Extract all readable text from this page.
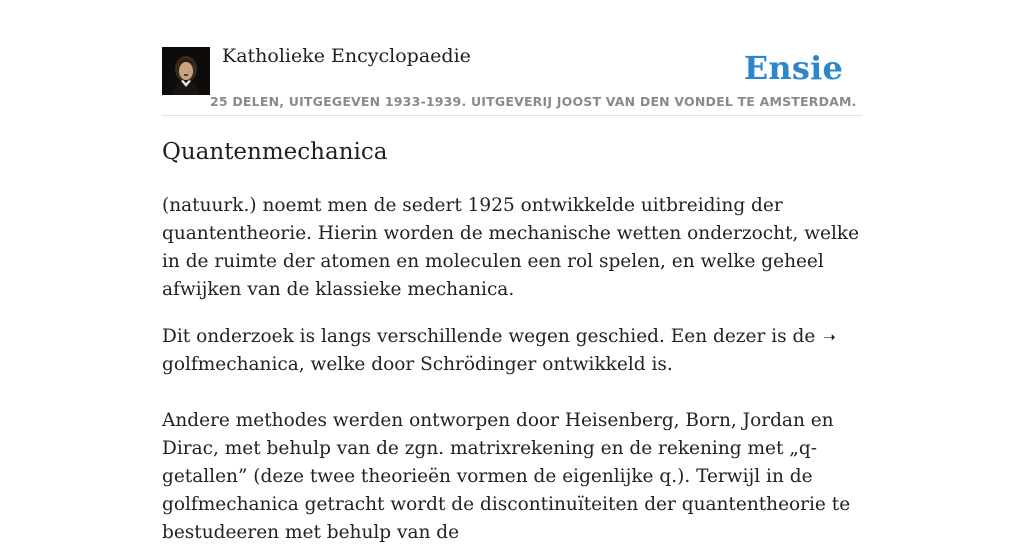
Katholieke Encyclopaedie	Ensie
25 DELEN, UITGEGEVEN 1933-1939. UITGEVERIJ JOOST VAN DEN VONDEL TE AMSTERDAM.
Quantenmechanica

(natuurk.) noemt men de sedert 1925 ontwikkelde uitbreiding der quantentheorie. Hierin worden de mechanische wetten onderzocht, welke in de ruimte der atomen en moleculen een rol spelen, en welke geheel afwijken van de klassieke mechanica.

Dit onderzoek is langs verschillende wegen geschied. Een dezer is de ➝
golfmechanica, welke door Schrödinger ontwikkeld is.

Andere methodes werden ontworpen door Heisenberg, Born, Jordan en Dirac, met behulp van de zgn. matrixrekening en de rekening met „q-getallen” (deze twee theorieën vormen de eigenlijke q.). Terwijl in de golfmechanica getracht wordt de discontinuïteiten der quantentheorie te bestudeeren met behulp van de
